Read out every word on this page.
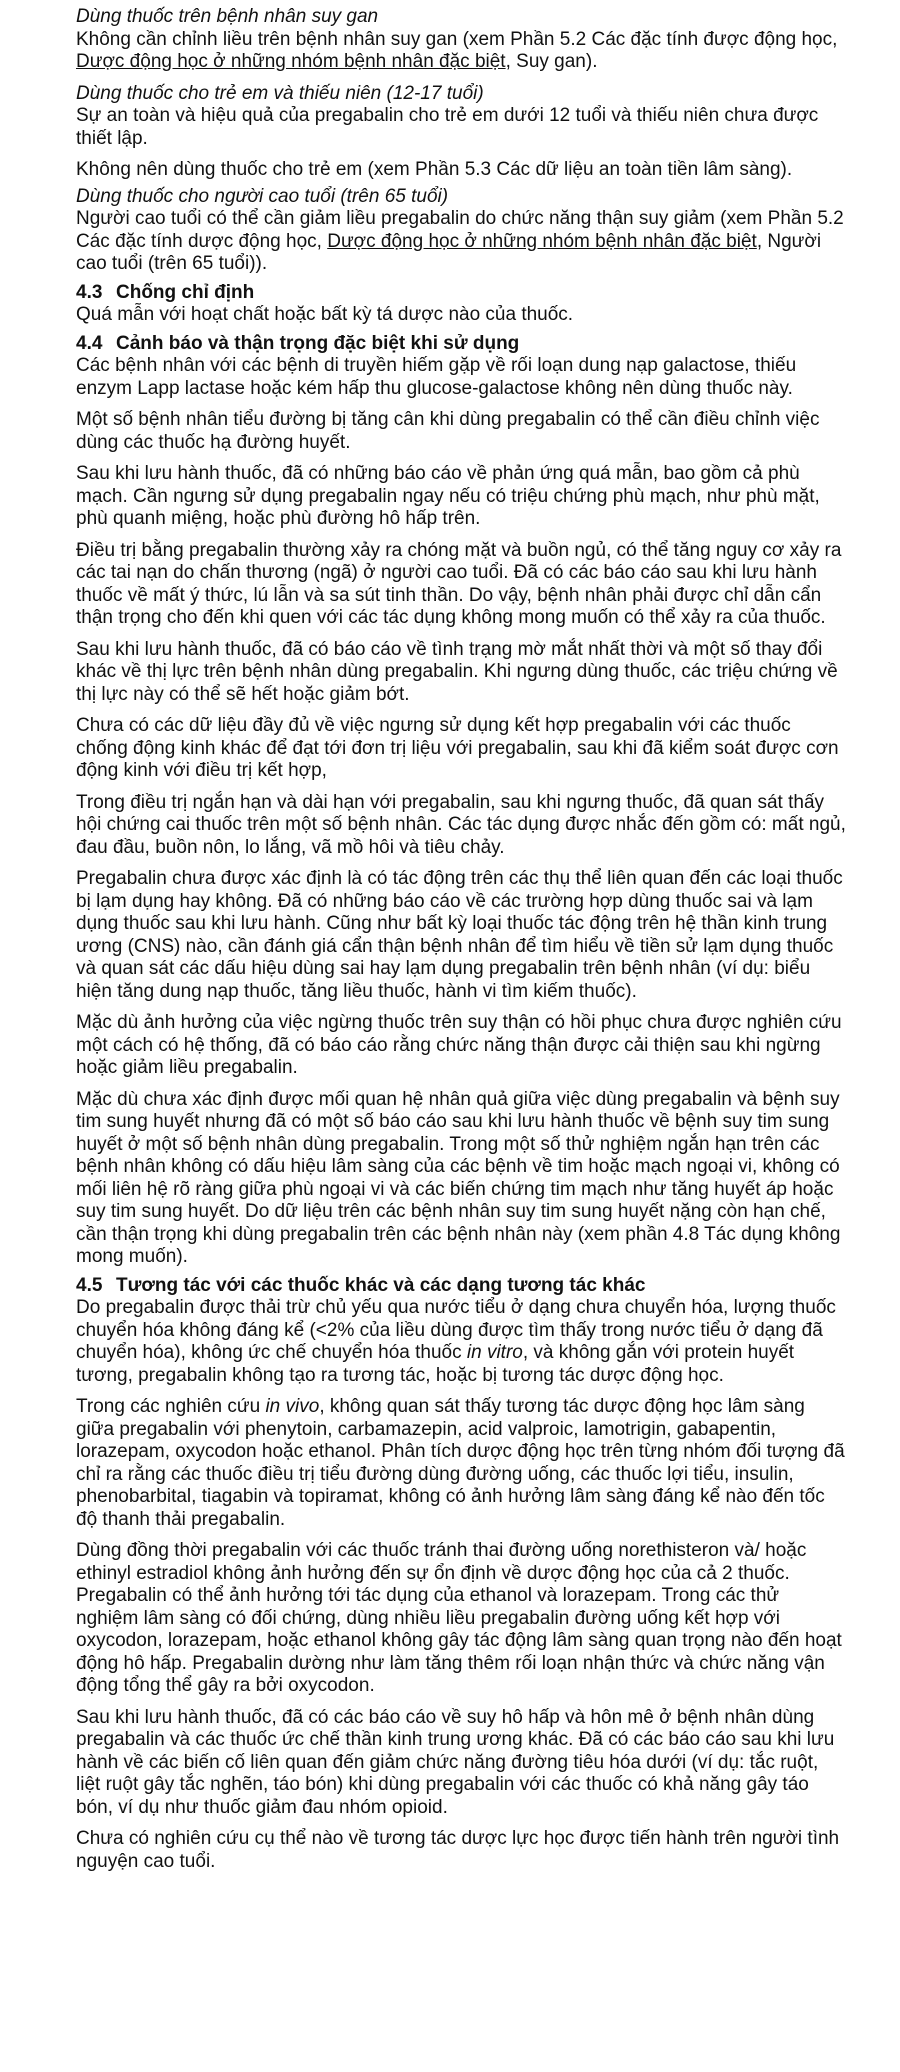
Dùng thuốc trên bệnh nhân suy gan

Không cần chỉnh liều trên bệnh nhân suy gan (xem Phần 5.2 Các đặc tính được động học, Dược động học ở những nhóm bệnh nhân đặc biệt, Suy gan).

Dùng thuốc cho trẻ em và thiếu niên (12-17 tuổi)

Sự an toàn và hiệu quả của pregabalin cho trẻ em dưới 12 tuổi và thiếu niên chưa được thiết lập.

Không nên dùng thuốc cho trẻ em (xem Phần 5.3 Các dữ liệu an toàn tiền lâm sàng).

Dùng thuốc cho người cao tuổi (trên 65 tuổi)

Người cao tuổi có thể cần giảm liều pregabalin do chức năng thận suy giảm (xem Phần 5.2 Các đặc tính dược động học, Dược động học ở những nhóm bệnh nhân đặc biệt, Người cao tuổi (trên 65 tuổi)).

4.3 Chống chỉ định

Quá mẫn với hoạt chất hoặc bất kỳ tá dược nào của thuốc.

4.4 Cảnh báo và thận trọng đặc biệt khi sử dụng

Các bệnh nhân với các bệnh di truyền hiếm gặp về rối loạn dung nạp galactose, thiếu enzym Lapp lactase hoặc kém hấp thu glucose-galactose không nên dùng thuốc này.

Một số bệnh nhân tiểu đường bị tăng cân khi dùng pregabalin có thể cần điều chỉnh việc dùng các thuốc hạ đường huyết.

Sau khi lưu hành thuốc, đã có những báo cáo về phản ứng quá mẫn, bao gồm cả phù mạch. Cần ngưng sử dụng pregabalin ngay nếu có triệu chứng phù mạch, như phù mặt, phù quanh miệng, hoặc phù đường hô hấp trên.

Điều trị bằng pregabalin thường xảy ra chóng mặt và buồn ngủ, có thể tăng nguy cơ xảy ra các tai nạn do chấn thương (ngã) ở người cao tuổi. Đã có các báo cáo sau khi lưu hành thuốc về mất ý thức, lú lẫn và sa sút tinh thần. Do vậy, bệnh nhân phải được chỉ dẫn cẩn thận trọng cho đến khi quen với các tác dụng không mong muốn có thể xảy ra của thuốc.

Sau khi lưu hành thuốc, đã có báo cáo về tình trạng mờ mắt nhất thời và một số thay đổi khác về thị lực trên bệnh nhân dùng pregabalin. Khi ngưng dùng thuốc, các triệu chứng về thị lực này có thể sẽ hết hoặc giảm bớt.

Chưa có các dữ liệu đầy đủ về việc ngưng sử dụng kết hợp pregabalin với các thuốc chống động kinh khác để đạt tới đơn trị liệu với pregabalin, sau khi đã kiểm soát được cơn động kinh với điều trị kết hợp,

Trong điều trị ngắn hạn và dài hạn với pregabalin, sau khi ngưng thuốc, đã quan sát thấy hội chứng cai thuốc trên một số bệnh nhân. Các tác dụng được nhắc đến gồm có: mất ngủ, đau đầu, buồn nôn, lo lắng, vã mồ hôi và tiêu chảy.

Pregabalin chưa được xác định là có tác động trên các thụ thể liên quan đến các loại thuốc bị lạm dụng hay không. Đã có những báo cáo về các trường hợp dùng thuốc sai và lạm dụng thuốc sau khi lưu hành. Cũng như bất kỳ loại thuốc tác động trên hệ thần kinh trung ương (CNS) nào, cần đánh giá cẩn thận bệnh nhân để tìm hiểu về tiền sử lạm dụng thuốc và quan sát các dấu hiệu dùng sai hay lạm dụng pregabalin trên bệnh nhân (ví dụ: biểu hiện tăng dung nạp thuốc, tăng liều thuốc, hành vi tìm kiếm thuốc).

Mặc dù ảnh hưởng của việc ngừng thuốc trên suy thận có hồi phục chưa được nghiên cứu một cách có hệ thống, đã có báo cáo rằng chức năng thận được cải thiện sau khi ngừng hoặc giảm liều pregabalin.

Mặc dù chưa xác định được mối quan hệ nhân quả giữa việc dùng pregabalin và bệnh suy tim sung huyết nhưng đã có một số báo cáo sau khi lưu hành thuốc về bệnh suy tim sung huyết ở một số bệnh nhân dùng pregabalin. Trong một số thử nghiệm ngắn hạn trên các bệnh nhân không có dấu hiệu lâm sàng của các bệnh về tim hoặc mạch ngoại vi, không có mối liên hệ rõ ràng giữa phù ngoại vi và các biến chứng tim mạch như tăng huyết áp hoặc suy tim sung huyết. Do dữ liệu trên các bệnh nhân suy tim sung huyết nặng còn hạn chế, cần thận trọng khi dùng pregabalin trên các bệnh nhân này (xem phần 4.8 Tác dụng không mong muốn).

4.5 Tương tác với các thuốc khác và các dạng tương tác khác

Do pregabalin được thải trừ chủ yếu qua nước tiểu ở dạng chưa chuyển hóa, lượng thuốc chuyển hóa không đáng kể (<2% của liều dùng được tìm thấy trong nước tiểu ở dạng đã chuyển hóa), không ức chế chuyển hóa thuốc in vitro, và không gắn với protein huyết tương, pregabalin không tạo ra tương tác, hoặc bị tương tác dược động học.

Trong các nghiên cứu in vivo, không quan sát thấy tương tác dược động học lâm sàng giữa pregabalin với phenytoin, carbamazepin, acid valproic, lamotrigin, gabapentin, lorazepam, oxycodon hoặc ethanol. Phân tích dược động học trên từng nhóm đối tượng đã chỉ ra rằng các thuốc điều trị tiểu đường dùng đường uống, các thuốc lợi tiểu, insulin, phenobarbital, tiagabin và topiramat, không có ảnh hưởng lâm sàng đáng kể nào đến tốc độ thanh thải pregabalin.

Dùng đồng thời pregabalin với các thuốc tránh thai đường uống norethisteron và/ hoặc ethinyl estradiol không ảnh hưởng đến sự ổn định về dược động học của cả 2 thuốc. Pregabalin có thể ảnh hưởng tới tác dụng của ethanol và lorazepam. Trong các thử nghiệm lâm sàng có đối chứng, dùng nhiều liều pregabalin đường uống kết hợp với oxycodon, lorazepam, hoặc ethanol không gây tác động lâm sàng quan trọng nào đến hoạt động hô hấp. Pregabalin dường như làm tăng thêm rối loạn nhận thức và chức năng vận động tổng thể gây ra bởi oxycodon.

Sau khi lưu hành thuốc, đã có các báo cáo về suy hô hấp và hôn mê ở bệnh nhân dùng pregabalin và các thuốc ức chế thần kinh trung ương khác. Đã có các báo cáo sau khi lưu hành về các biến cố liên quan đến giảm chức năng đường tiêu hóa dưới (ví dụ: tắc ruột, liệt ruột gây tắc nghẽn, táo bón) khi dùng pregabalin với các thuốc có khả năng gây táo bón, ví dụ như thuốc giảm đau nhóm opioid.

Chưa có nghiên cứu cụ thể nào về tương tác dược lực học được tiến hành trên người tình nguyện cao tuổi.
